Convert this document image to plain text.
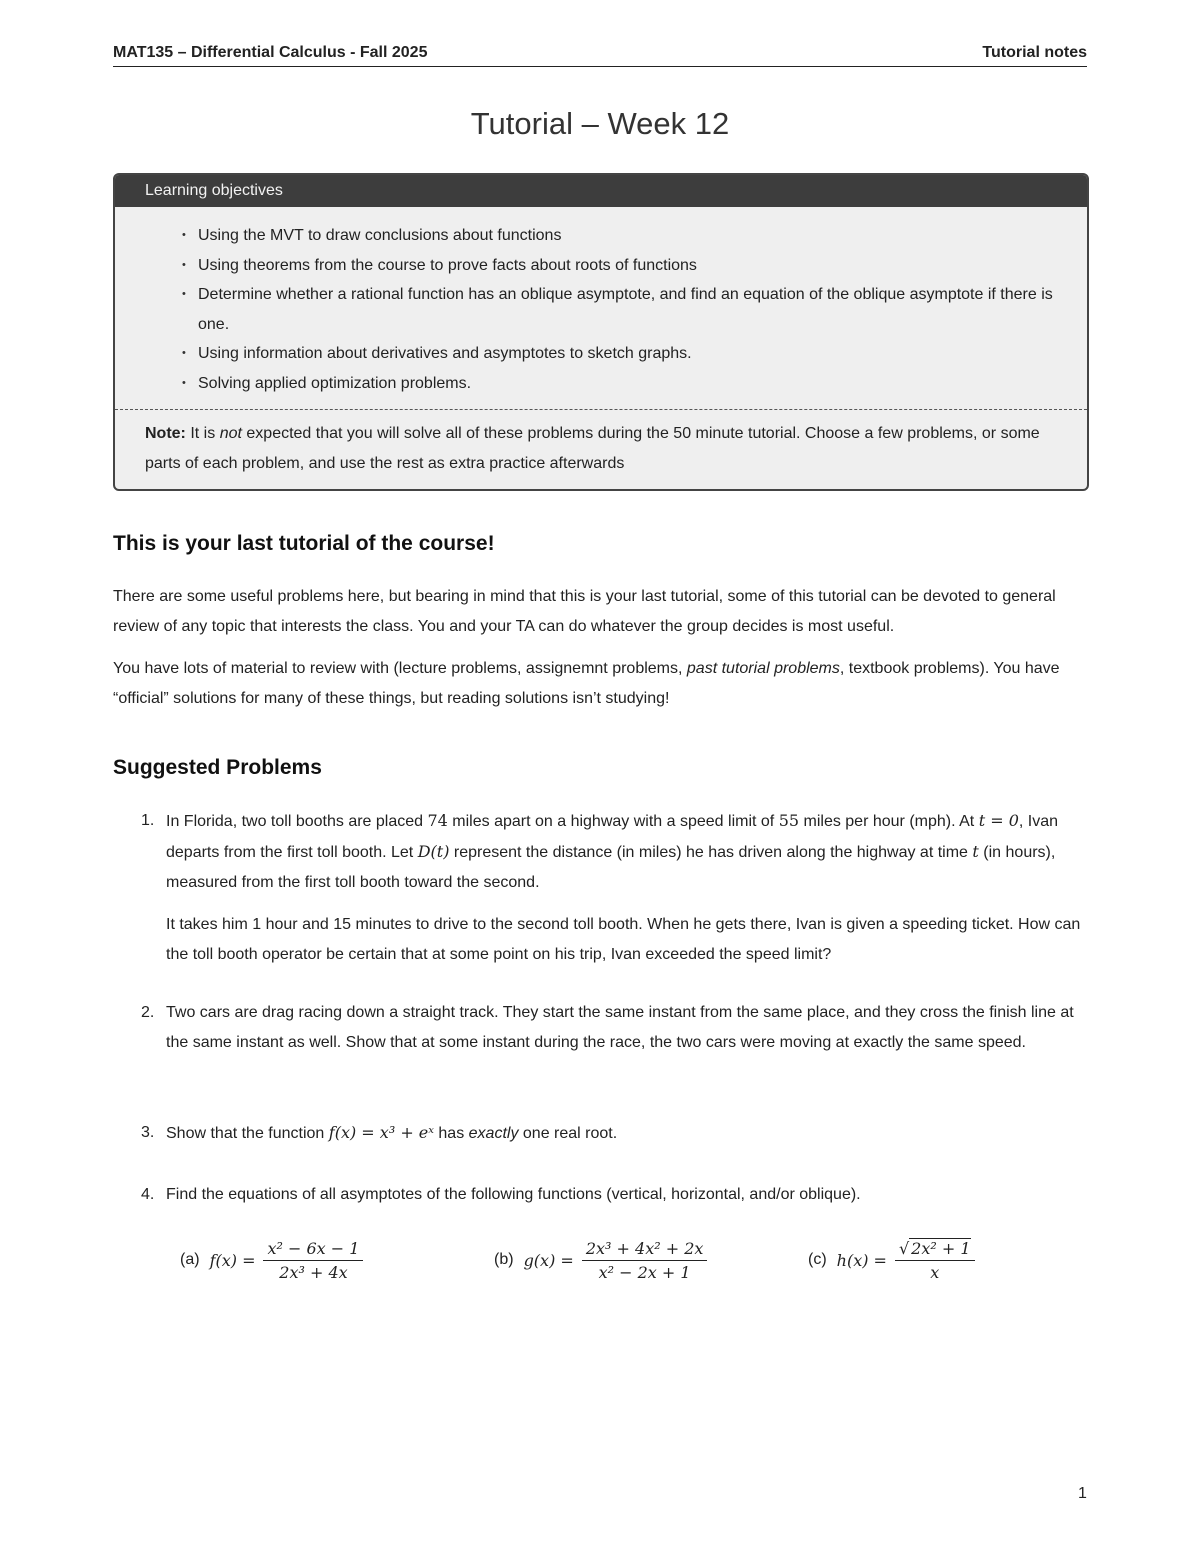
MAT135 – Differential Calculus - Fall 2025	Tutorial notes
Tutorial – Week 12
Learning objectives
• Using the MVT to draw conclusions about functions
• Using theorems from the course to prove facts about roots of functions
• Determine whether a rational function has an oblique asymptote, and find an equation of the oblique asymptote if there is one.
• Using information about derivatives and asymptotes to sketch graphs.
• Solving applied optimization problems.
Note: It is not expected that you will solve all of these problems during the 50 minute tutorial. Choose a few problems, or some parts of each problem, and use the rest as extra practice afterwards
This is your last tutorial of the course!

There are some useful problems here, but bearing in mind that this is your last tutorial, some of this tutorial can be devoted to general review of any topic that interests the class. You and your TA can do whatever the group decides is most useful.

You have lots of material to review with (lecture problems, assignemnt problems, past tutorial problems, textbook problems). You have “official” solutions for many of these things, but reading solutions isn’t studying!

Suggested Problems
1. In Florida, two toll booths are placed 74 miles apart on a highway with a speed limit of 55 miles per hour (mph). At t = 0, Ivan departs from the first toll booth. Let D(t) represent the distance (in miles) he has driven along the highway at time t (in hours), measured from the first toll booth toward the second.

It takes him 1 hour and 15 minutes to drive to the second toll booth. When he gets there, Ivan is given a speeding ticket. How can the toll booth operator be certain that at some point on his trip, Ivan exceeded the speed limit?

2. Two cars are drag racing down a straight track. They start the same instant from the same place, and they cross the finish line at the same instant as well. Show that at some instant during the race, the two cars were moving at exactly the same speed.

3. Show that the function f(x) = x³ + eˣ has exactly one real root.

4. Find the equations of all asymptotes of the following functions (vertical, horizontal, and/or oblique).

(a) $f(x) = \frac{\text{x² − 6x − 1}}{\text{2x³ + 4x}}$	(b) $g(x) = \frac{\text{2x³ + 4x² + 2x}}{\text{x² − 2x + 1}}$	(c) $h(x) = \frac{\text{√ 2x² + 1}}{x}$
1
